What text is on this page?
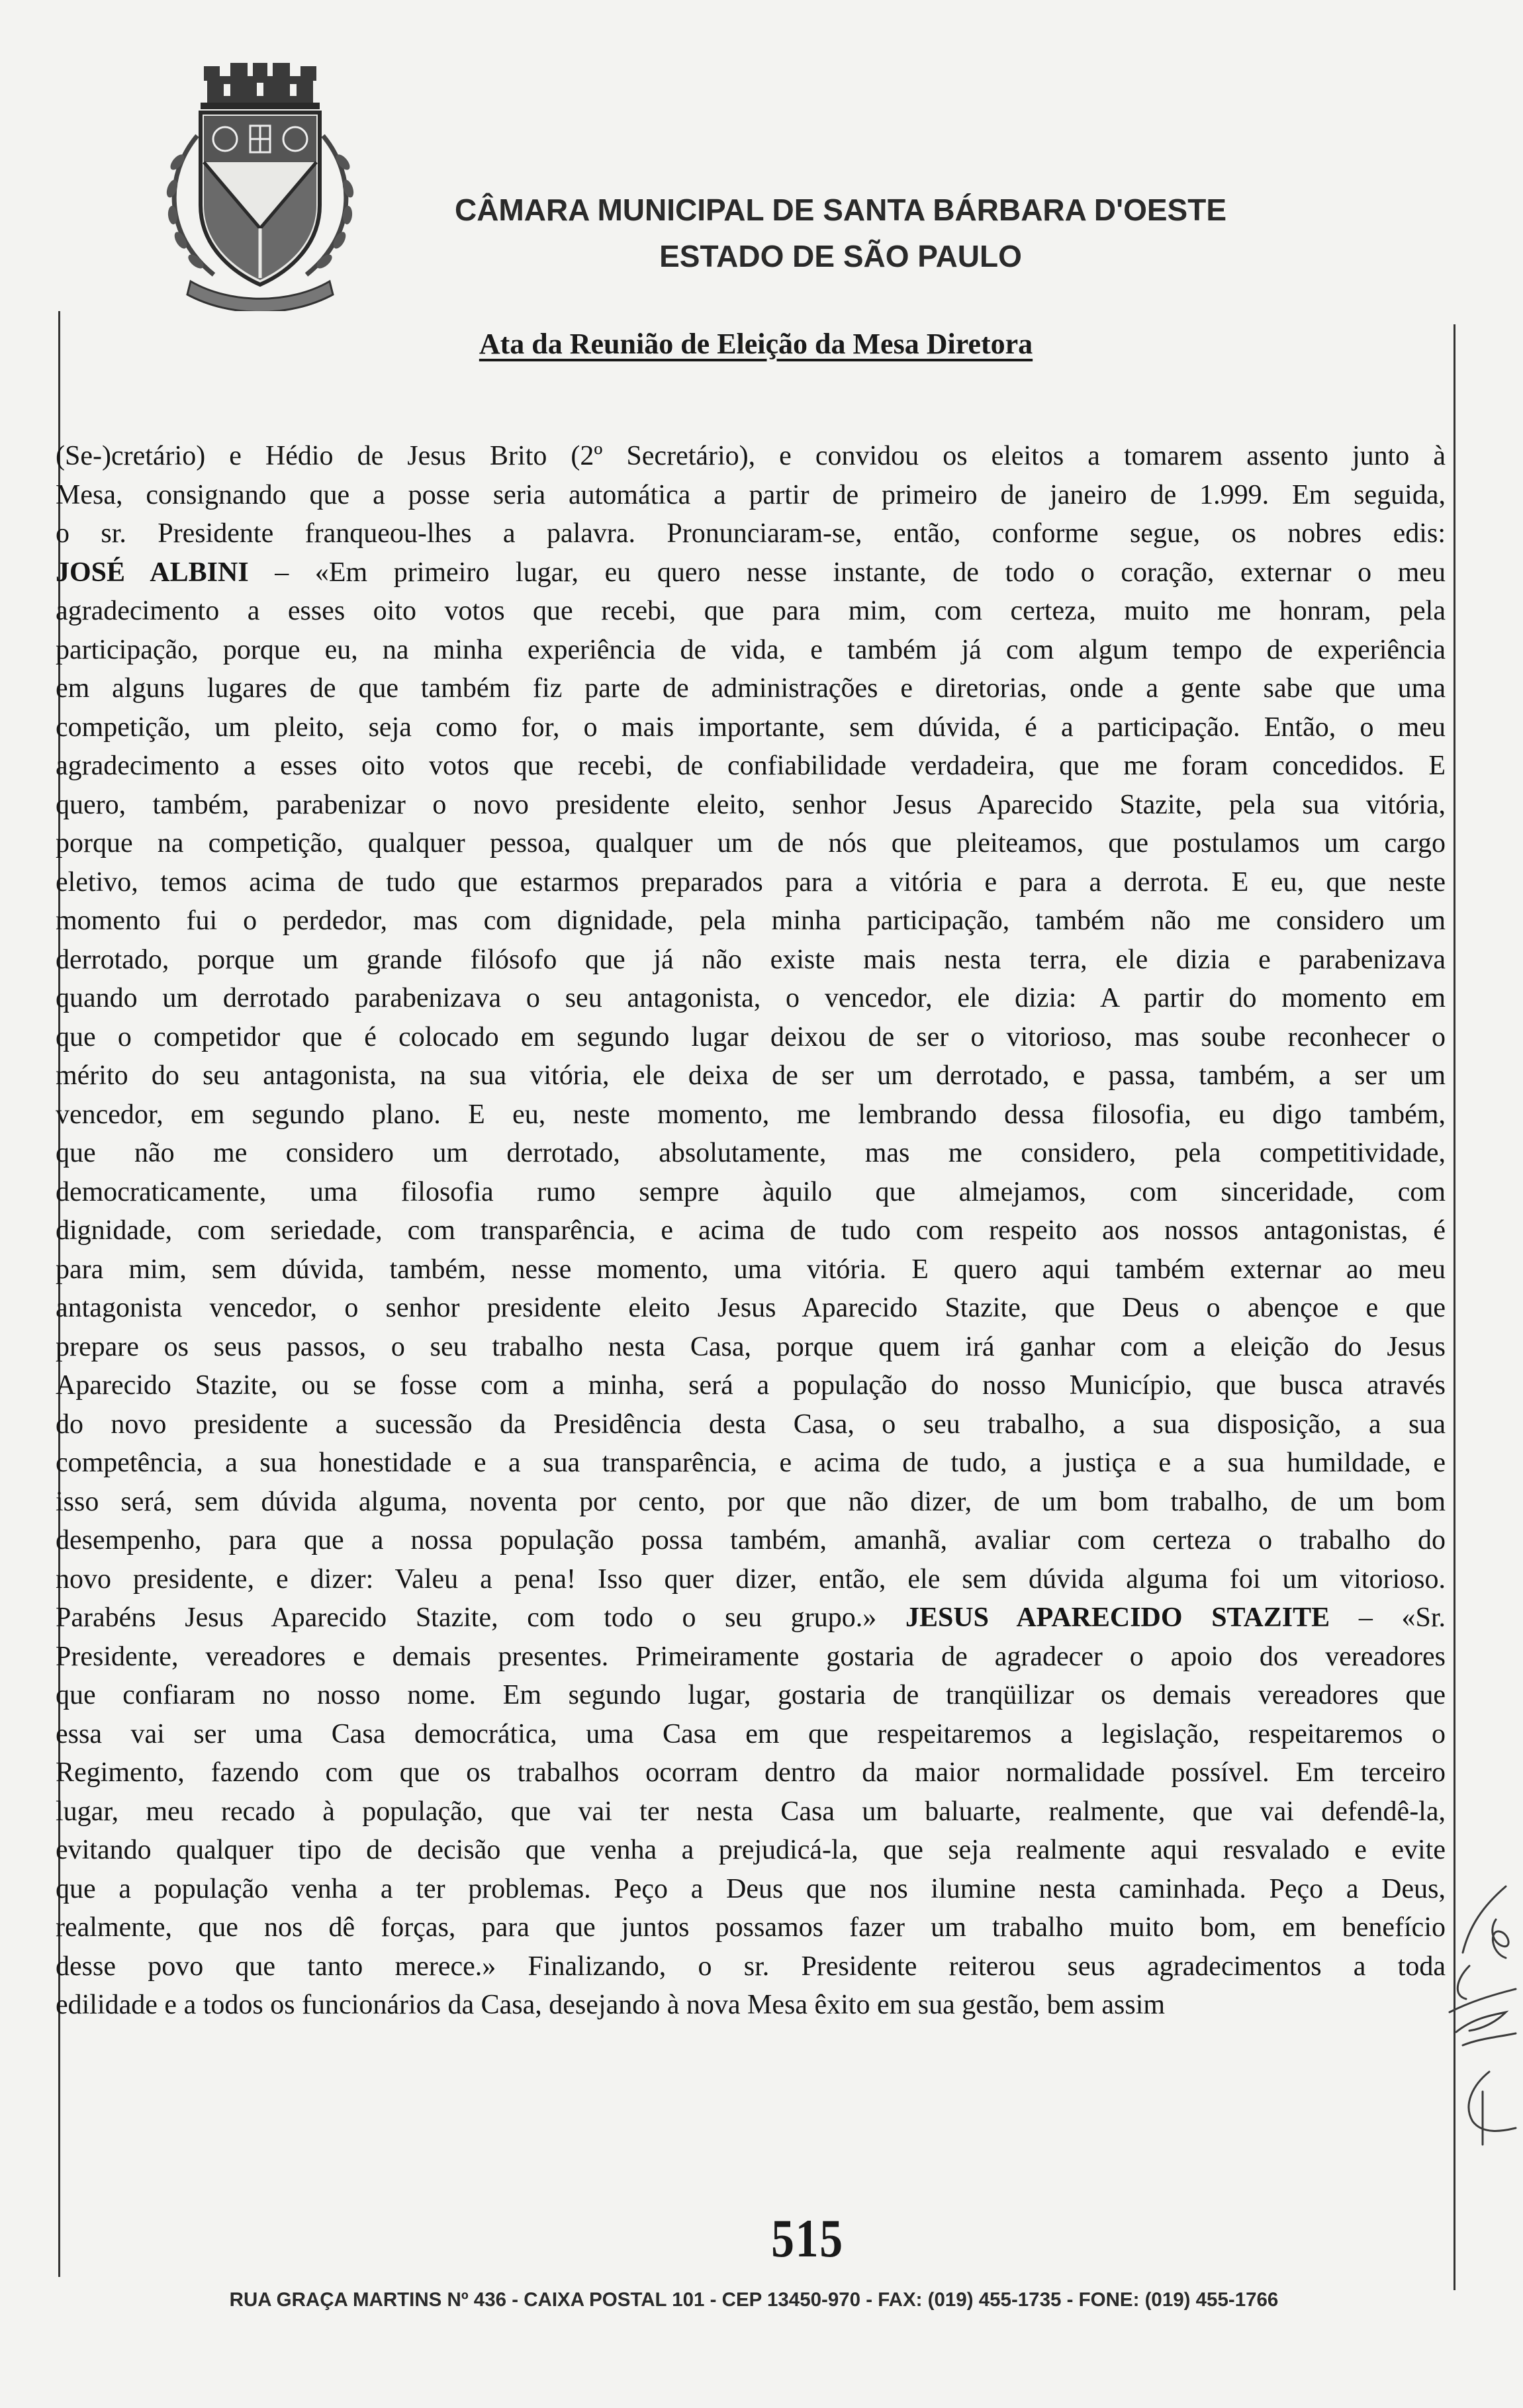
CÂMARA MUNICIPAL DE SANTA BÁRBARA D'OESTE
ESTADO DE SÃO PAULO
Ata da Reunião de Eleição da Mesa Diretora
(Se-)cretário) e Hédio de Jesus Brito (2º Secretário), e convidou os eleitos a tomarem assento junto à
Mesa, consignando que a posse seria automática a partir de primeiro de janeiro de 1.999. Em seguida,
o sr. Presidente franqueou-lhes a palavra. Pronunciaram-se, então, conforme segue, os nobres edis:
JOSÉ ALBINI – «Em primeiro lugar, eu quero nesse instante, de todo o coração, externar o meu
agradecimento a esses oito votos que recebi, que para mim, com certeza, muito me honram, pela
participação, porque eu, na minha experiência de vida, e também já com algum tempo de experiência
em alguns lugares de que também fiz parte de administrações e diretorias, onde a gente sabe que uma
competição, um pleito, seja como for, o mais importante, sem dúvida, é a participação. Então, o meu
agradecimento a esses oito votos que recebi, de confiabilidade verdadeira, que me foram concedidos. E
quero, também, parabenizar o novo presidente eleito, senhor Jesus Aparecido Stazite, pela sua vitória,
porque na competição, qualquer pessoa, qualquer um de nós que pleiteamos, que postulamos um cargo
eletivo, temos acima de tudo que estarmos preparados para a vitória e para a derrota. E eu, que neste
momento fui o perdedor, mas com dignidade, pela minha participação, também não me considero um
derrotado, porque um grande filósofo que já não existe mais nesta terra, ele dizia e parabenizava
quando um derrotado parabenizava o seu antagonista, o vencedor, ele dizia: A partir do momento em
que o competidor que é colocado em segundo lugar deixou de ser o vitorioso, mas soube reconhecer o
mérito do seu antagonista, na sua vitória, ele deixa de ser um derrotado, e passa, também, a ser um
vencedor, em segundo plano. E eu, neste momento, me lembrando dessa filosofia, eu digo também,
que não me considero um derrotado, absolutamente, mas me considero, pela competitividade,
democraticamente, uma filosofia rumo sempre àquilo que almejamos, com sinceridade, com
dignidade, com seriedade, com transparência, e acima de tudo com respeito aos nossos antagonistas, é
para mim, sem dúvida, também, nesse momento, uma vitória. E quero aqui também externar ao meu
antagonista vencedor, o senhor presidente eleito Jesus Aparecido Stazite, que Deus o abençoe e que
prepare os seus passos, o seu trabalho nesta Casa, porque quem irá ganhar com a eleição do Jesus
Aparecido Stazite, ou se fosse com a minha, será a população do nosso Município, que busca através
do novo presidente a sucessão da Presidência desta Casa, o seu trabalho, a sua disposição, a sua
competência, a sua honestidade e a sua transparência, e acima de tudo, a justiça e a sua humildade, e
isso será, sem dúvida alguma, noventa por cento, por que não dizer, de um bom trabalho, de um bom
desempenho, para que a nossa população possa também, amanhã, avaliar com certeza o trabalho do
novo presidente, e dizer: Valeu a pena! Isso quer dizer, então, ele sem dúvida alguma foi um vitorioso.
Parabéns Jesus Aparecido Stazite, com todo o seu grupo.» JESUS APARECIDO STAZITE – «Sr.
Presidente, vereadores e demais presentes. Primeiramente gostaria de agradecer o apoio dos vereadores
que confiaram no nosso nome. Em segundo lugar, gostaria de tranqüilizar os demais vereadores que
essa vai ser uma Casa democrática, uma Casa em que respeitaremos a legislação, respeitaremos o
Regimento, fazendo com que os trabalhos ocorram dentro da maior normalidade possível. Em terceiro
lugar, meu recado à população, que vai ter nesta Casa um baluarte, realmente, que vai defendê-la,
evitando qualquer tipo de decisão que venha a prejudicá-la, que seja realmente aqui resvalado e evite
que a população venha a ter problemas. Peço a Deus que nos ilumine nesta caminhada. Peço a Deus,
realmente, que nos dê forças, para que juntos possamos fazer um trabalho muito bom, em benefício
desse povo que tanto merece.» Finalizando, o sr. Presidente reiterou seus agradecimentos a toda
edilidade e a todos os funcionários da Casa, desejando à nova Mesa êxito em sua gestão, bem assim
515
RUA GRAÇA MARTINS Nº 436 - CAIXA POSTAL 101 - CEP 13450-970 - FAX: (019) 455-1735 - FONE: (019) 455-1766
